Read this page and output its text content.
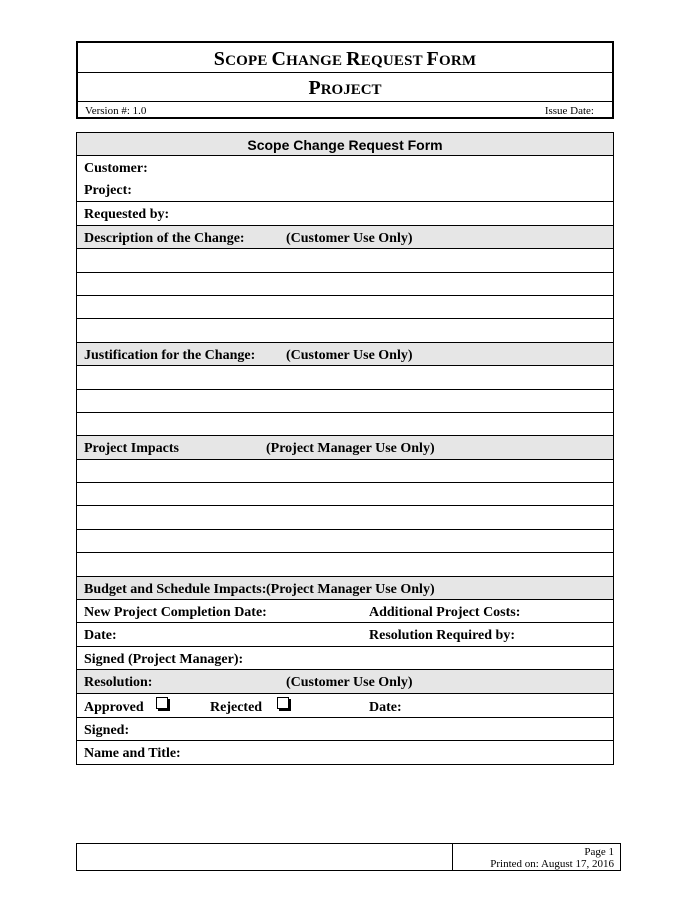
SCOPE CHANGE REQUEST FORM
PROJECT
Version #: 1.0	Issue Date:
Scope Change Request Form
Customer:
Project:
Requested by:
Description of the Change:	(Customer Use Only)
Justification for the Change: (Customer Use Only)
Project Impacts	(Project Manager Use Only)
Budget and Schedule Impacts: (Project Manager Use Only)
New Project Completion Date:	Additional Project Costs:
Date:	Resolution Required by:
Signed (Project Manager):
Resolution:	(Customer Use Only)
Approved	Rejected	Date:
Signed:
Name and Title:
Page 1
Printed on: August 17, 2016
